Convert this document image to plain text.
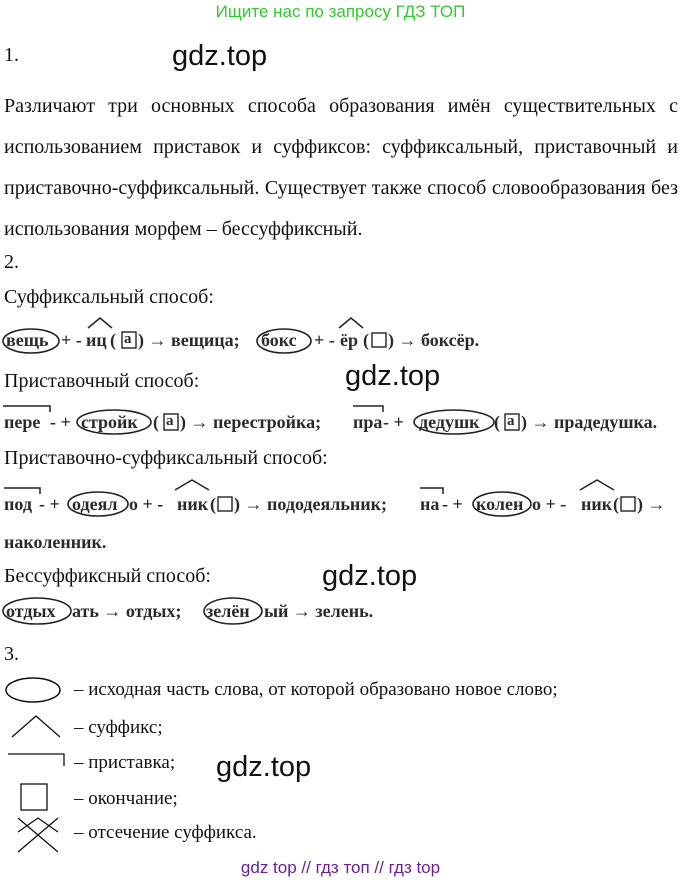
Ищите нас по запросу ГДЗ ТОП
1.	gdz.top
Различают три основных способа образования имён существительных с использованием приставок и суффиксов: суффиксальный, приставочный и приставочно-суффиксальный. Существует также способ словообразования без использования морфем – бессуффиксный.
2.
Суффиксальный способ:
вещь + - иц ( а ) → вещица; бокс + - ёр ( ) → боксёр.
Приставочный способ:	gdz.top
пере - + стройк ( а ) → перестройка; пра - + дедушк ( а ) → прадедушка.
Приставочно-суффиксальный способ:
под - + одеял о + - ник ( ) → пододеяльник; на - + колен о + - ник ( ) →
наколенник.
Бессуффиксный способ:	gdz.top
отдых ать → отдых; зелён ый → зелень.
3.
– исходная часть слова, от которой образовано новое слово;
– суффикс;
– приставка; gdz.top
– окончание;
– отсечение суффикса.
gdz top // гдз топ // гдз top
